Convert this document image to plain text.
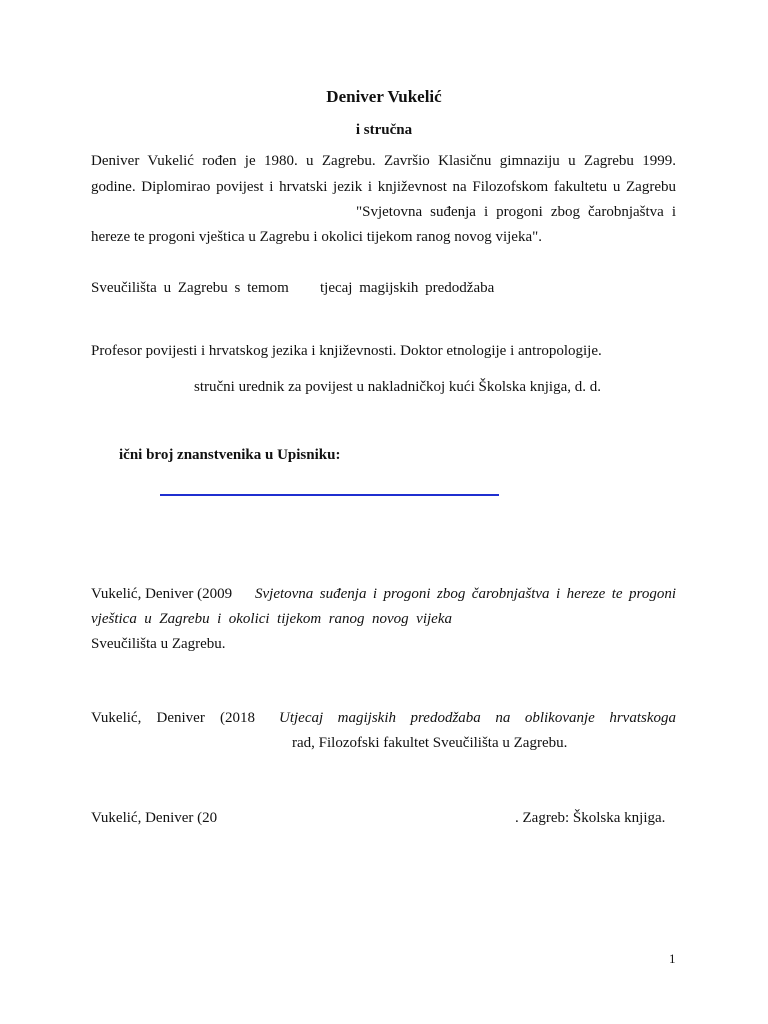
Deniver Vukelić
i stručna
Deniver Vukelić rođen je 1980. u Zagrebu. Završio Klasičnu gimnaziju u Zagrebu 1999.
godine. Diplomirao povijest i hrvatski jezik i književnost na Filozofskom fakultetu u Zagrebu
"Svjetovna suđenja i progoni zbog čarobnjaštva i
hereze te progoni vještica u Zagrebu i okolici tijekom ranog novog vijeka".
Sveučilišta u Zagrebu s temom tjecaj magijskih predodžaba
Profesor povijesti i hrvatskog jezika i književnosti. Doktor etnologije i antropologije.
stručni urednik za povijest u nakladničkoj kući Školska knjiga, d. d.
ični broj znanstvenika u Upisniku:
Vukelić, Deniver (2009 Svjetovna suđenja i progoni zbog čarobnjaštva i hereze te progoni
vještica u Zagrebu i okolici tijekom ranog novog vijeka
Sveučilišta u Zagrebu.
Vukelić, Deniver (2018 Utjecaj magijskih predodžaba na oblikovanje hrvatskoga
rad, Filozofski fakultet Sveučilišta u Zagrebu.
Vukelić, Deniver (20	. Zagreb: Školska knjiga.
1
